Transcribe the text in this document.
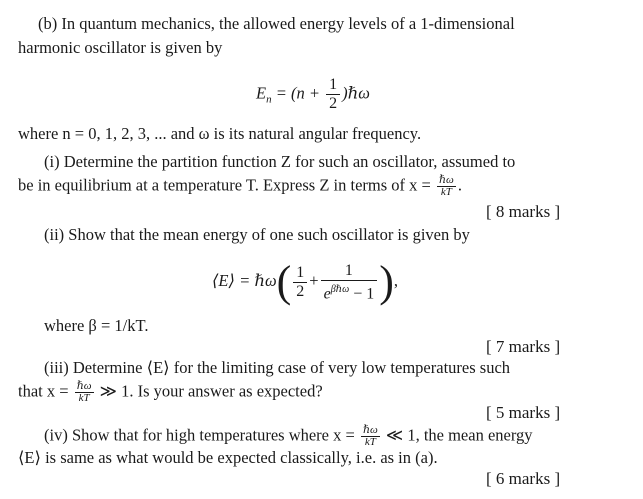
(b) In quantum mechanics, the allowed energy levels of a 1-dimensional
harmonic oscillator is given by
$E_n = (n + \frac{1}{2}$ )ℏω
where n = 0, 1, 2, 3, ... and ω is its natural angular frequency.
(i) Determine the partition function Z for such an oscillator, assumed to
be in equilibrium at a temperature T. Express Z in terms of $x = \frac{\text{ℏω}}{kT}$ .
[ 8 marks ]
(ii) Show that the mean energy of one such oscillator is given by
⟨E⟩ = ℏω( $\frac{1}{2} + \frac{1}{e^{\beta\hbar\omega} - 1}$ ),
where β = 1/kT.
[ 7 marks ]
(iii) Determine ⟨E⟩ for the limiting case of very low temperatures such
that $x = \frac{\text{ℏω}}{kT}$ ≫ 1. Is your answer as expected?
[ 5 marks ]
(iv) Show that for high temperatures where $x = \frac{\text{ℏω}}{kT}$ ≪ 1, the mean energy
⟨E⟩ is same as what would be expected classically, i.e. as in (a).
[ 6 marks ]
